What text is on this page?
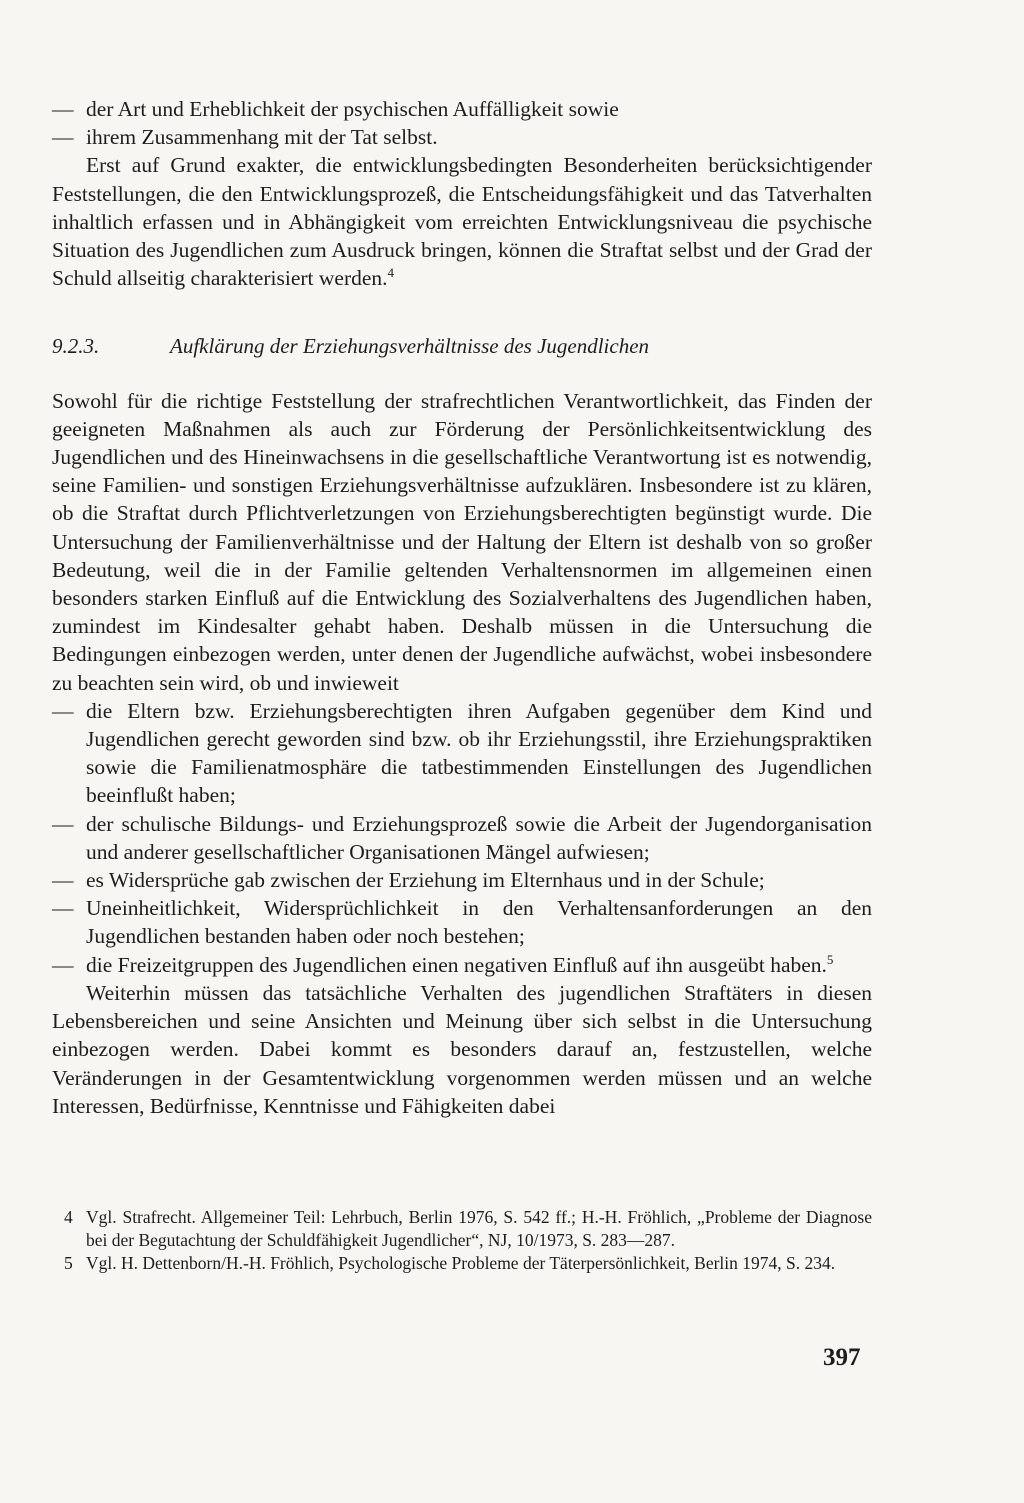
— der Art und Erheblichkeit der psychischen Auffälligkeit sowie
— ihrem Zusammenhang mit der Tat selbst.

Erst auf Grund exakter, die entwicklungsbedingten Besonderheiten berücksichtigender Feststellungen, die den Entwicklungsprozeß, die Entscheidungsfähigkeit und das Tatverhalten inhaltlich erfassen und in Abhängigkeit vom erreichten Entwicklungsniveau die psychische Situation des Jugendlichen zum Ausdruck bringen, können die Straftat selbst und der Grad der Schuld allseitig charakterisiert werden.$^4$

9.2.3.	Aufklärung der Erziehungsverhältnisse des Jugendlichen

Sowohl für die richtige Feststellung der strafrechtlichen Verantwortlichkeit, das Finden der geeigneten Maßnahmen als auch zur Förderung der Persönlichkeitsentwicklung des Jugendlichen und des Hineinwachsens in die gesellschaftliche Verantwortung ist es notwendig, seine Familien- und sonstigen Erziehungsverhältnisse aufzuklären. Insbesondere ist zu klären, ob die Straftat durch Pflichtverletzungen von Erziehungsberechtigten begünstigt wurde. Die Untersuchung der Familienverhältnisse und der Haltung der Eltern ist deshalb von so großer Bedeutung, weil die in der Familie geltenden Verhaltensnormen im allgemeinen einen besonders starken Einfluß auf die Entwicklung des Sozialverhaltens des Jugendlichen haben, zumindest im Kindesalter gehabt haben. Deshalb müssen in die Untersuchung die Bedingungen einbezogen werden, unter denen der Jugendliche aufwächst, wobei insbesondere zu beachten sein wird, ob und inwieweit

— die Eltern bzw. Erziehungsberechtigten ihren Aufgaben gegenüber dem Kind und Jugendlichen gerecht geworden sind bzw. ob ihr Erziehungsstil, ihre Erziehungspraktiken sowie die Familienatmosphäre die tatbestimmenden Einstellungen des Jugendlichen beeinflußt haben;
— der schulische Bildungs- und Erziehungsprozeß sowie die Arbeit der Jugendorganisation und anderer gesellschaftlicher Organisationen Mängel aufwiesen;
— es Widersprüche gab zwischen der Erziehung im Elternhaus und in der Schule;
— Uneinheitlichkeit, Widersprüchlichkeit in den Verhaltensanforderungen an den Jugendlichen bestanden haben oder noch bestehen;
— die Freizeitgruppen des Jugendlichen einen negativen Einfluß auf ihn ausgeübt haben.$^5$

Weiterhin müssen das tatsächliche Verhalten des jugendlichen Straftäters in diesen Lebensbereichen und seine Ansichten und Meinung über sich selbst in die Untersuchung einbezogen werden. Dabei kommt es besonders darauf an, festzustellen, welche Veränderungen in der Gesamtentwicklung vorgenommen werden müssen und an welche Interessen, Bedürfnisse, Kenntnisse und Fähigkeiten dabei

4 Vgl. Strafrecht. Allgemeiner Teil: Lehrbuch, Berlin 1976, S. 542 ff.; H.-H. Fröhlich, „Probleme der Diagnose bei der Begutachtung der Schuldfähigkeit Jugendlicher“, NJ, 10/1973, S. 283—287.
5 Vgl. H. Dettenborn/H.-H. Fröhlich, Psychologische Probleme der Täterpersönlichkeit, Berlin 1974, S. 234.
397
